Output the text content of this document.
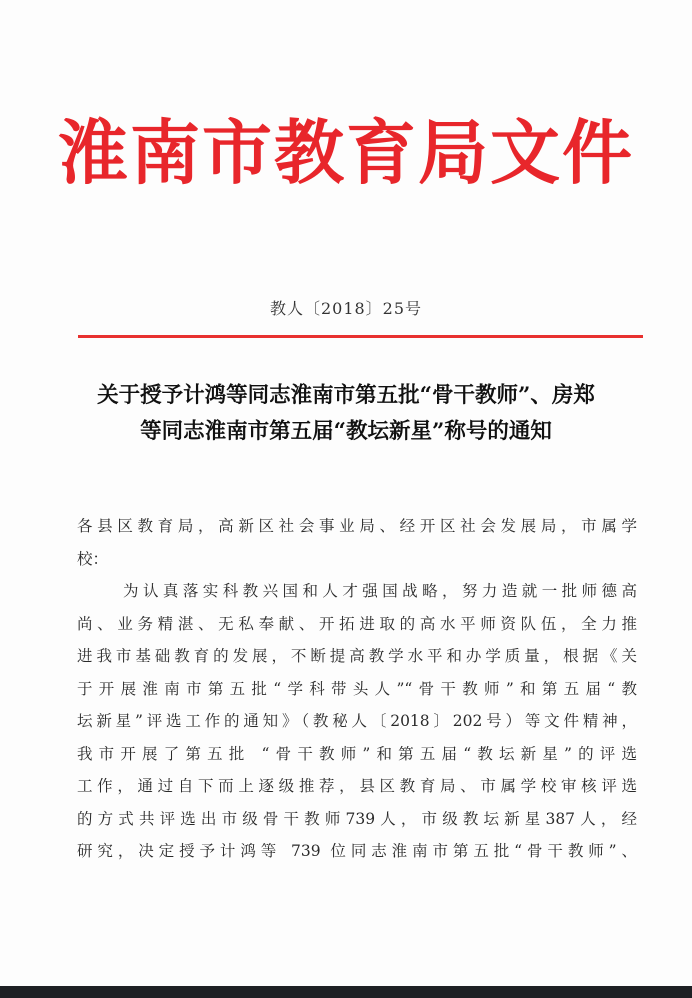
淮南市教育局文件
教人〔2018〕25号
关于授予计鸿等同志淮南市第五批“骨干教师”、房郑
等同志淮南市第五届“教坛新星”称号的通知
各县区教育局，高新区社会事业局、经开区社会发展局，市属学
校：
为认真落实科教兴国和人才强国战略，努力造就一批师德高
尚、业务精湛、无私奉献、开拓进取的高水平师资队伍，全力推
进我市基础教育的发展，不断提高教学水平和办学质量，根据《关
于开展淮南市第五批“学科带头人”“骨干教师”和第五届“教
坛新星”评选工作的通知》（教秘人〔2018〕202号）等文件精神，
我市开展了第五批 “骨干教师”和第五届“教坛新星”的评选
工作，通过自下而上逐级推荐，县区教育局、市属学校审核评选
的方式共评选出市级骨干教师739人，市级教坛新星387人，经
研究，决定授予计鸿等 739 位同志淮南市第五批“骨干教师”、
